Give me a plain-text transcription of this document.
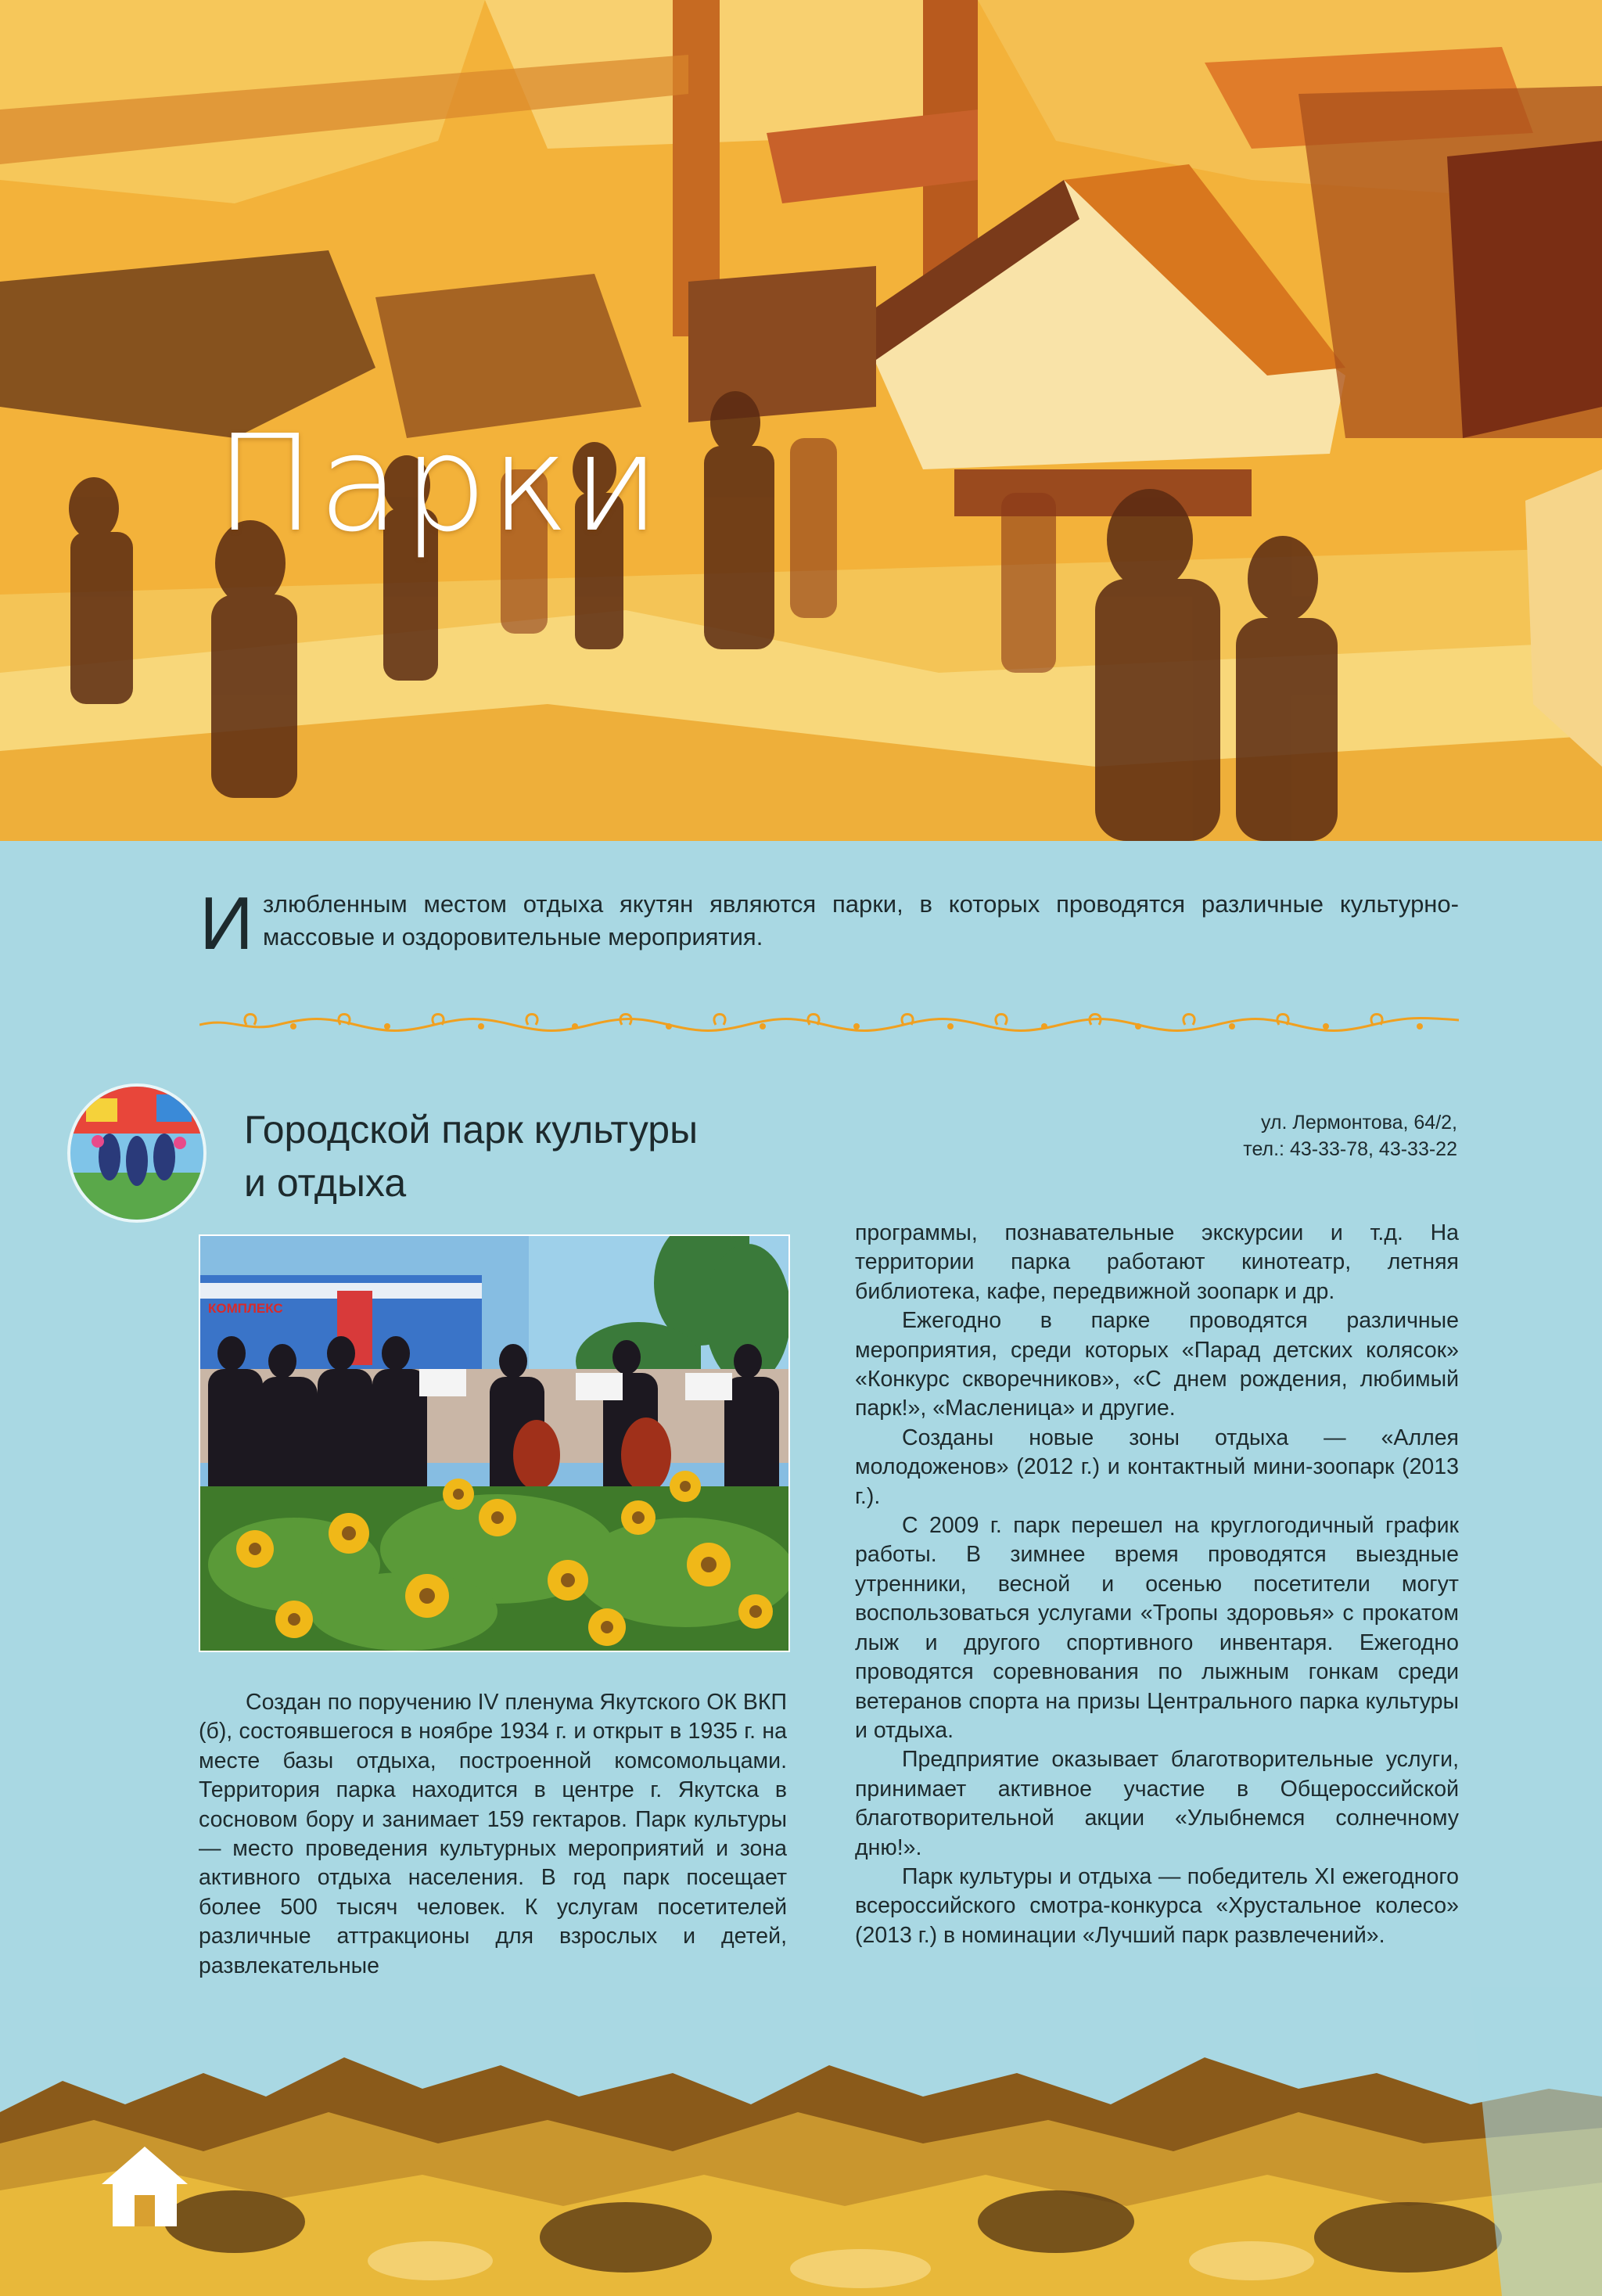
Парки
Излюбленным местом отдыха якутян являются парки, в которых проводятся различные культурно-массовые и оздоровительные мероприятия.
Городской парк культуры
и отдыха
ул. Лермонтова, 64/2,
тел.: 43-33-78, 43-33-22
КОМПЛЕКС

Создан по поручению IV пленума Якутского ОК ВКП (б), состоявшегося в ноябре 1934 г. и открыт в 1935 г. на месте базы отдыха, построенной комсомольцами. Территория парка находится в центре г. Якутска в сосновом бору и занимает 159 гектаров. Парк культуры — место проведения культурных мероприятий и зона активного отдыха населения. В год парк посещает более 500 тысяч человек. К услугам посетителей различные аттракционы для взрослых и детей, развлекательные

программы, познавательные экскурсии и т.д. На территории парка работают кинотеатр, летняя библиотека, кафе, передвижной зоопарк и др.

Ежегодно в парке проводятся различные мероприятия, среди которых «Парад детских колясок» «Конкурс скворечников», «С днем рождения, любимый парк!», «Масленица» и другие.

Созданы новые зоны отдыха — «Аллея молодоженов» (2012 г.) и контактный мини-зоопарк (2013 г.).

С 2009 г. парк перешел на круглогодичный график работы. В зимнее время проводятся выездные утренники, весной и осенью посетители могут воспользоваться услугами «Тропы здоровья» с прокатом лыж и другого спортивного инвентаря. Ежегодно проводятся соревнования по лыжным гонкам среди ветеранов спорта на призы Центрального парка культуры и отдыха.

Предприятие оказывает благотворительные услуги, принимает активное участие в Общероссийской благотворительной акции «Улыбнемся солнечному дню!».

Парк культуры и отдыха — победитель XI ежегодного всероссийского смотра-конкурса «Хрустальное колесо» (2013 г.) в номинации «Лучший парк развлечений».
